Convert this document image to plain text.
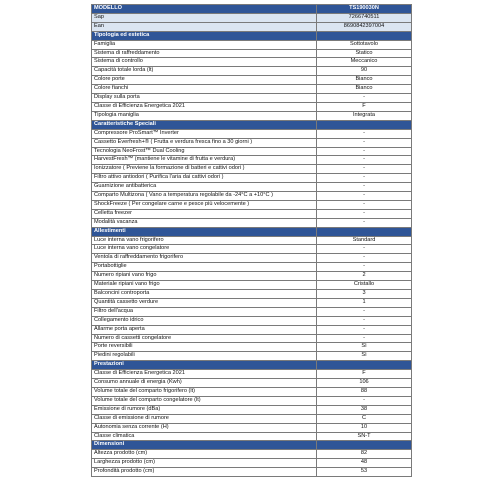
MODELLO	TS190030N
Sap	7266740511
Ean	8690842397004
Tipologia ed estetica	
Famiglia	Sottotavolo
Sistema di raffreddamento	Statico
Sistema di controllo	Meccanico
Capacità totale lorda (lt)	90
Colore porte	Bianco
Colore fianchi	Bianco
Display sulla porta	-
Classe di Efficienza Energetica 2021	F
Tipologia maniglia	Integrata
Caratteristiche Speciali	
Compressore ProSmart™ Inverter	-
Cassetto Everfresh+® ( Frutta e verdura fresca fino a 30 giorni )	-
Tecnologia NeoFrost™ Dual Cooling	-
HarvestFresh™ (mantiene le vitamine di frutta e verdura)	-
Ionizzatore ( Previene la formazione di batteri e cattivi odori )	-
Filtro attivo antiodori ( Purifica l'aria dai cattivi odori )	-
Guarnizione antibatterica	-
Comparto Multizona ( Vano a temperatura regolabile da -24°C a +10°C )	-
ShockFreeze ( Per congelare carne e pesce più velocemente )	-
Celletta freezer	-
Modalità vacanza	-
Allestimenti	
Luce interna vano frigorifero	Standard
Luce interna vano congelatore	-
Ventola di raffreddamento frigorifero	-
Portabottiglie	-
Numero ripiani vano frigo	2
Materiale ripiani vano frigo	Cristallo
Balconcini controporta	3
Quantità cassetto verdure	1
Filtro dell'acqua	-
Collegamento idrico	-
Allarme porta aperta	-
Numero di cassetti congelatore	-
Porte reversibili	Sì
Piedini regolabili	Sì
Prestazioni	
Classe di Efficienza Energetica 2021	F
Consumo annuale di energia (Kwh)	106
Volume totale del comparto frigorifero (lt)	88
Volume totale del comparto congelatore (lt)	-
Emissione di rumore (dBa)	38
Classe di emissione di rumore	C
Autonomia senza corrente (H)	10
Classe climatica	SN-T
Dimensioni	
Altezza prodotto (cm)	82
Larghezza prodotto (cm)	48
Profondità prodotto (cm)	53
